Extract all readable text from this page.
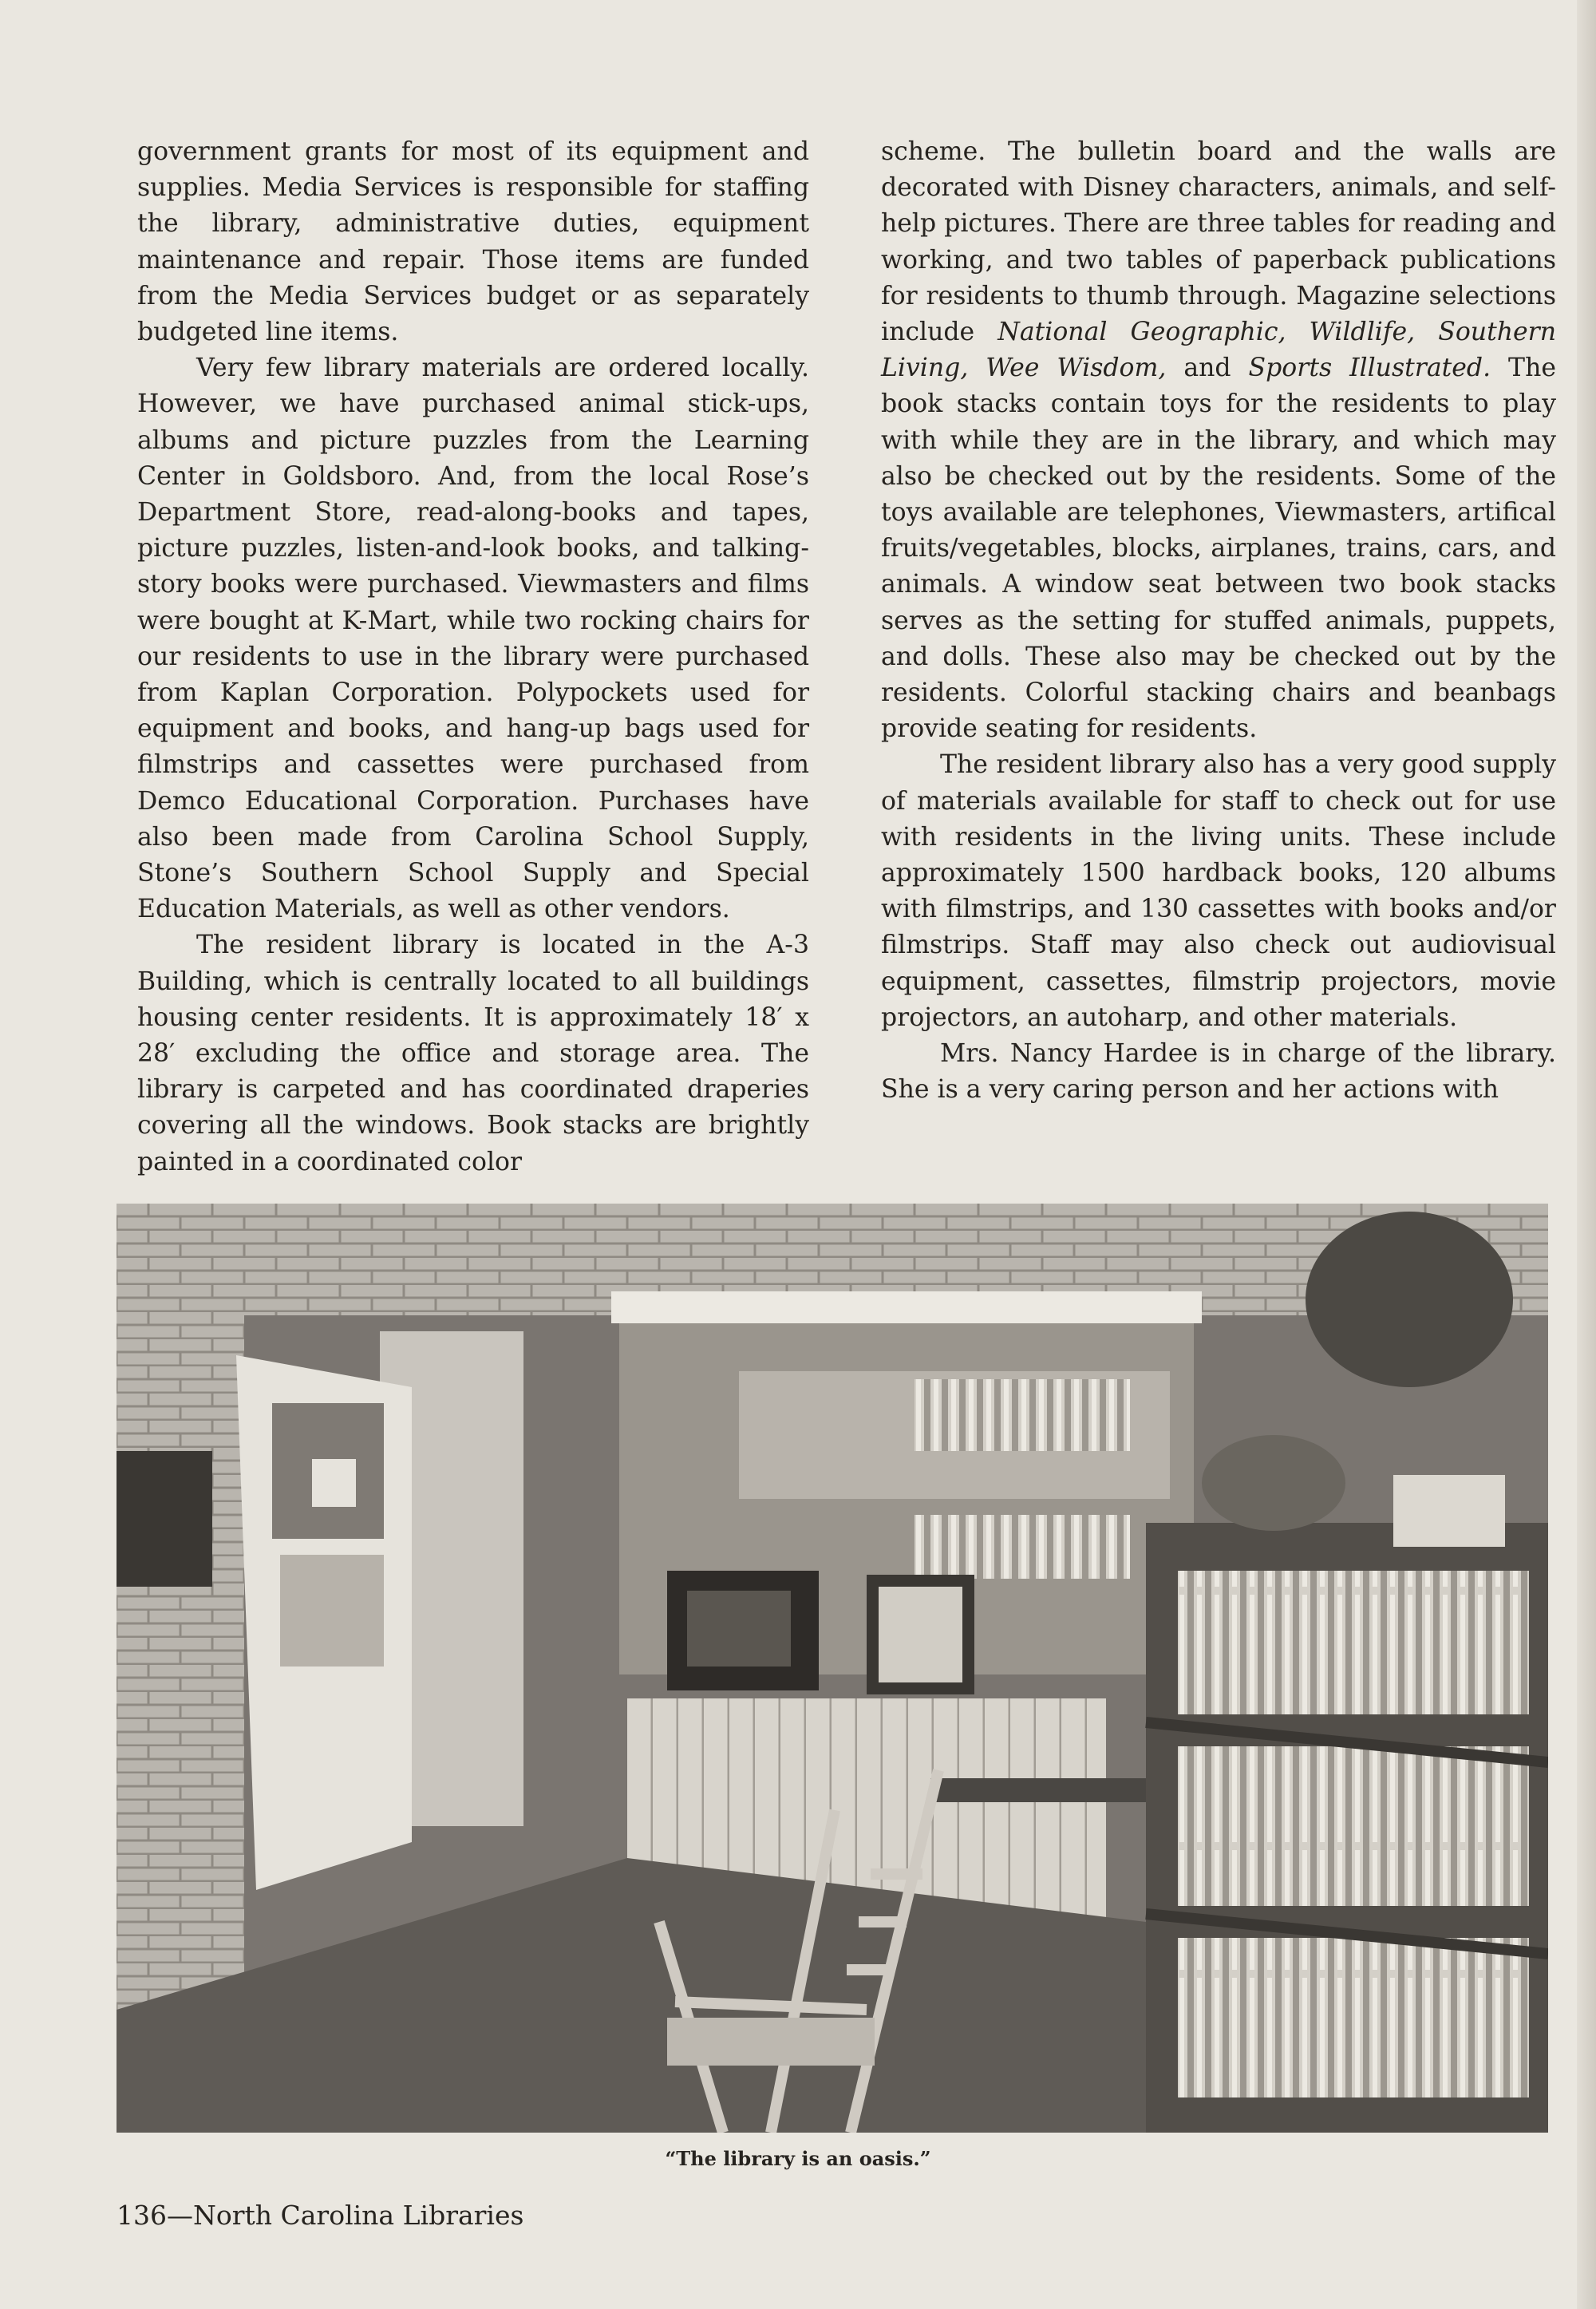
government grants for most of its equipment and supplies. Media Services is responsible for staffing the library, administrative duties, equipment maintenance and repair. Those items are funded from the Media Services budget or as separately budgeted line items.

Very few library materials are ordered locally. However, we have purchased animal stick-ups, albums and picture puzzles from the Learning Center in Goldsboro. And, from the local Rose’s Department Store, read-along-books and tapes, picture puzzles, listen-and-look books, and talking-story books were purchased. Viewmasters and films were bought at K-Mart, while two rocking chairs for our residents to use in the library were purchased from Kaplan Corporation. Polypockets used for equipment and books, and hang-up bags used for filmstrips and cassettes were purchased from Demco Educational Corporation. Purchases have also been made from Carolina School Supply, Stone’s Southern School Supply and Special Education Materials, as well as other vendors.

The resident library is located in the A-3 Building, which is centrally located to all buildings housing center residents. It is approximately 18′ x 28′ excluding the office and storage area. The library is carpeted and has coordinated draperies covering all the windows. Book stacks are brightly painted in a coordinated color

scheme. The bulletin board and the walls are decorated with Disney characters, animals, and self-help pictures. There are three tables for reading and working, and two tables of paperback publications for residents to thumb through. Magazine selections include National Geographic, Wildlife, Southern Living, Wee Wisdom, and Sports Illustrated. The book stacks contain toys for the residents to play with while they are in the library, and which may also be checked out by the residents. Some of the toys available are telephones, Viewmasters, artifical fruits/vegetables, blocks, airplanes, trains, cars, and animals. A window seat between two book stacks serves as the setting for stuffed animals, puppets, and dolls. These also may be checked out by the residents. Colorful stacking chairs and beanbags provide seating for residents.

The resident library also has a very good supply of materials available for staff to check out for use with residents in the living units. These include approximately 1500 hardback books, 120 albums with filmstrips, and 130 cassettes with books and/or filmstrips. Staff may also check out audiovisual equipment, cassettes, filmstrip projectors, movie projectors, an autoharp, and other materials.

Mrs. Nancy Hardee is in charge of the library. She is a very caring person and her actions with

“The library is an oasis.”
136—North Carolina Libraries
